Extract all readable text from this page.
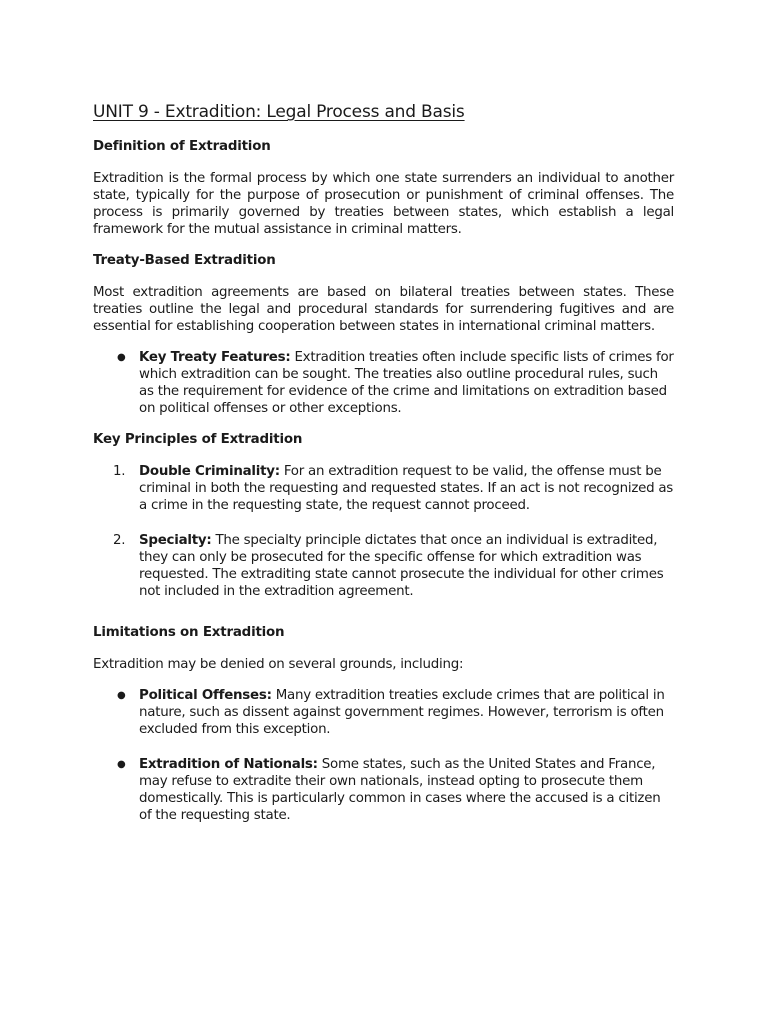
UNIT 9 - Extradition: Legal Process and Basis
Definition of Extradition

Extradition is the formal process by which one state surrenders an individual to another state, typically for the purpose of prosecution or punishment of criminal offenses. The process is primarily governed by treaties between states, which establish a legal framework for the mutual assistance in criminal matters.

Treaty-Based Extradition

Most extradition agreements are based on bilateral treaties between states. These treaties outline the legal and procedural standards for surrendering fugitives and are essential for establishing cooperation between states in international criminal matters.

●	Key Treaty Features: Extradition treaties often include specific lists of crimes for which extradition can be sought. The treaties also outline procedural rules, such as the requirement for evidence of the crime and limitations on extradition based on political offenses or other exceptions.
Key Principles of Extradition
1.	Double Criminality: For an extradition request to be valid, the offense must be criminal in both the requesting and requested states. If an act is not recognized as a crime in the requesting state, the request cannot proceed.
2.	Specialty: The specialty principle dictates that once an individual is extradited, they can only be prosecuted for the specific offense for which extradition was requested. The extraditing state cannot prosecute the individual for other crimes not included in the extradition agreement.
Limitations on Extradition

Extradition may be denied on several grounds, including:

●	Political Offenses: Many extradition treaties exclude crimes that are political in nature, such as dissent against government regimes. However, terrorism is often excluded from this exception.
●	Extradition of Nationals: Some states, such as the United States and France, may refuse to extradite their own nationals, instead opting to prosecute them domestically. This is particularly common in cases where the accused is a citizen of the requesting state.
